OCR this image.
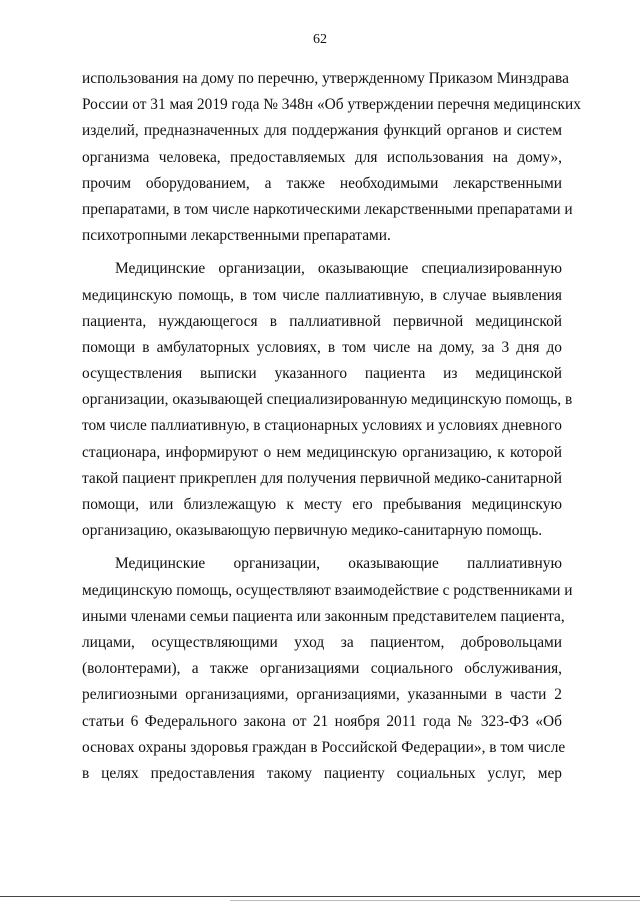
62
использования на дому по перечню, утвержденному Приказом Минздрава
России от 31 мая 2019 года № 348н «Об утверждении перечня медицинских
изделий, предназначенных для поддержания функций органов и систем
организма человека, предоставляемых для использования на дому»,
прочим оборудованием, а также необходимыми лекарственными
препаратами, в том числе наркотическими лекарственными препаратами и
психотропными лекарственными препаратами.
Медицинские организации, оказывающие специализированную
медицинскую помощь, в том числе паллиативную, в случае выявления
пациента, нуждающегося в паллиативной первичной медицинской
помощи в амбулаторных условиях, в том числе на дому, за 3 дня до
осуществления выписки указанного пациента из медицинской
организации, оказывающей специализированную медицинскую помощь, в
том числе паллиативную, в стационарных условиях и условиях дневного
стационара, информируют о нем медицинскую организацию, к которой
такой пациент прикреплен для получения первичной медико-санитарной
помощи, или близлежащую к месту его пребывания медицинскую
организацию, оказывающую первичную медико-санитарную помощь.
Медицинские организации, оказывающие паллиативную
медицинскую помощь, осуществляют взаимодействие с родственниками и
иными членами семьи пациента или законным представителем пациента,
лицами, осуществляющими уход за пациентом, добровольцами
(волонтерами), а также организациями социального обслуживания,
религиозными организациями, организациями, указанными в части 2
статьи 6 Федерального закона от 21 ноября 2011 года № 323-ФЗ «Об
основах охраны здоровья граждан в Российской Федерации», в том числе
в целях предоставления такому пациенту социальных услуг, мер
